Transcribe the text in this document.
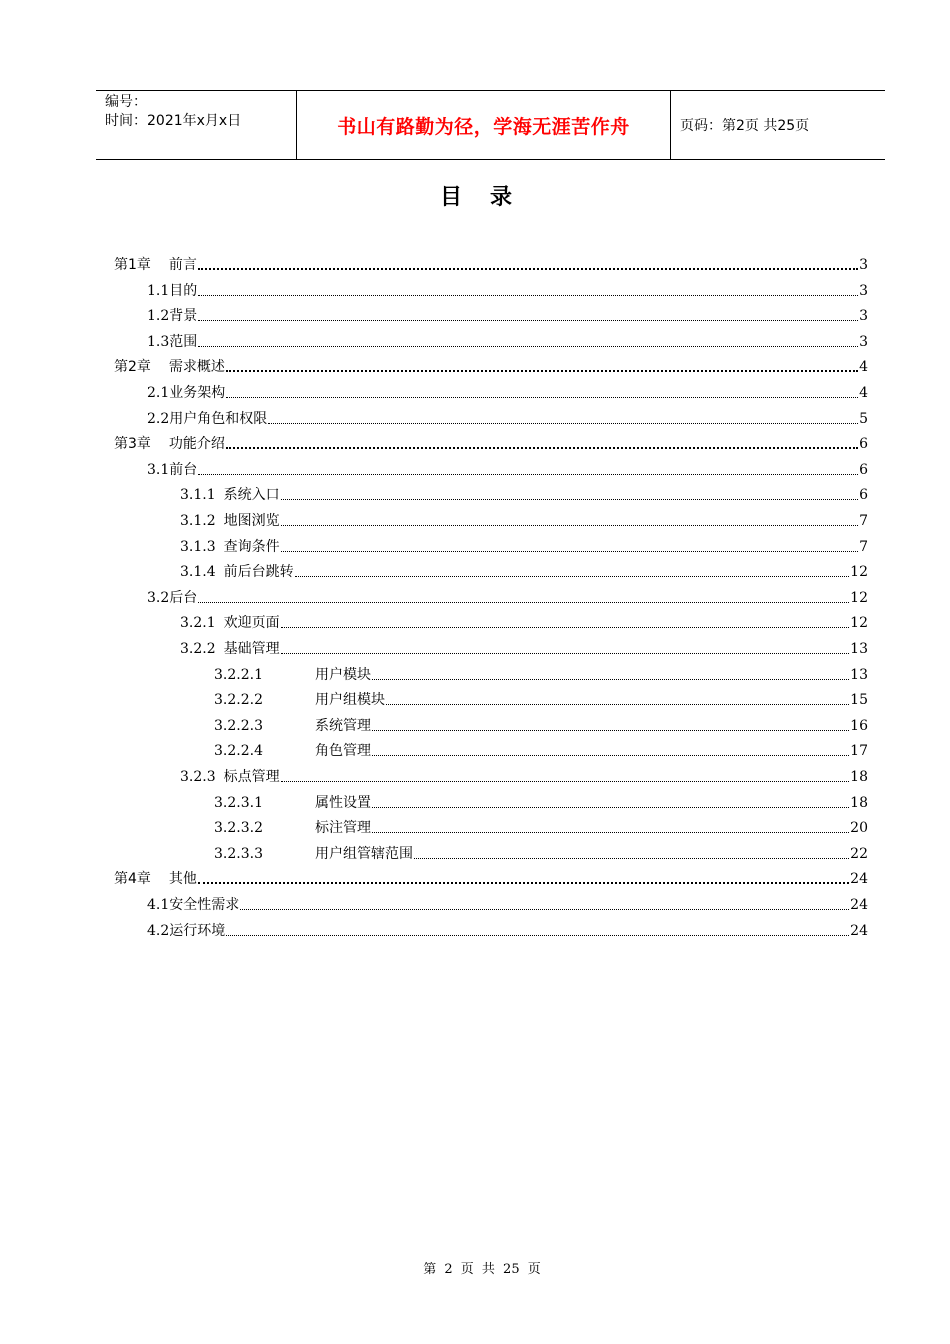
编号：
时间：2021年x月x日	书山有路勤为径，学海无涯苦作舟	页码：第2页 共25页
目录
第1章 前言	3
1.1目的	3
1.2背景	3
1.3范围	3
第2章 需求概述	4
2.1业务架构	4
2.2用户角色和权限	5
第3章 功能介绍	6
3.1前台	6
3.1.1 系统入口	6
3.1.2 地图浏览	7
3.1.3 查询条件	7
3.1.4 前后台跳转	12
3.2后台	12
3.2.1 欢迎页面	12
3.2.2 基础管理	13
3.2.2.1	用户模块	13
3.2.2.2	用户组模块	15
3.2.2.3	系统管理	16
3.2.2.4	角色管理	17
3.2.3 标点管理	18
3.2.3.1	属性设置	18
3.2.3.2	标注管理	20
3.2.3.3	用户组管辖范围	22
第4章 其他	24
4.1安全性需求	24
4.2运行环境	24
第 2 页 共 25 页
